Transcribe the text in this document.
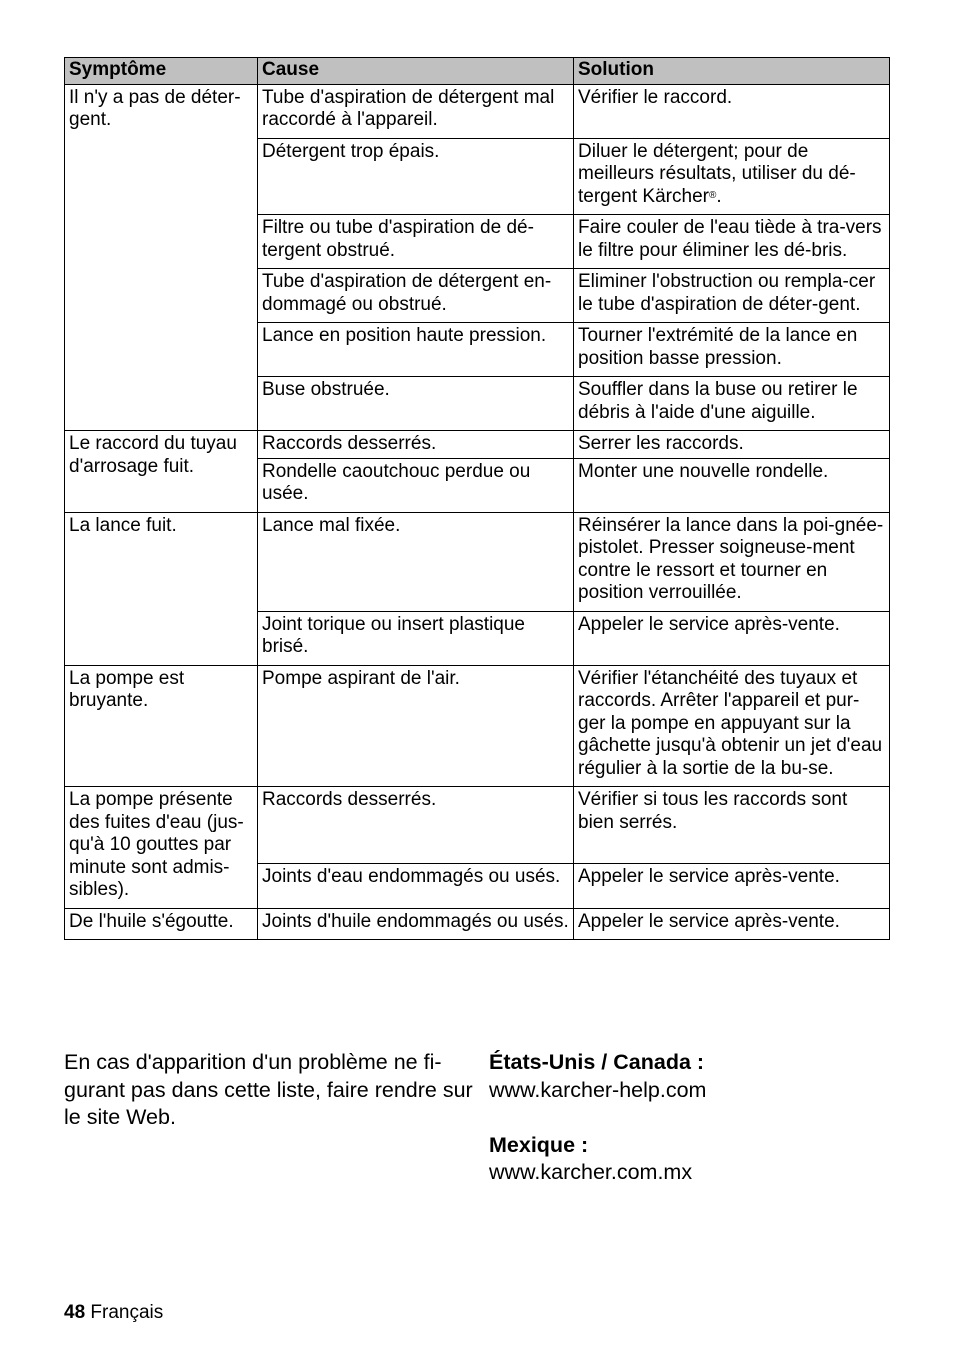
Symptôme	Cause	Solution
Il n'y a pas de déter-gent.	Tube d'aspiration de détergent mal raccordé à l'appareil.	Vérifier le raccord.
	Détergent trop épais.	Diluer le détergent; pour de meilleurs résultats, utiliser du dé-tergent Kärcher®.
	Filtre ou tube d'aspiration de dé-tergent obstrué.	Faire couler de l'eau tiède à tra-vers le filtre pour éliminer les dé-bris.
	Tube d'aspiration de détergent en-dommagé ou obstrué.	Eliminer l'obstruction ou rempla-cer le tube d'aspiration de déter-gent.
	Lance en position haute pression.	Tourner l'extrémité de la lance en position basse pression.
	Buse obstruée.	Souffler dans la buse ou retirer le débris à l'aide d'une aiguille.
Le raccord du tuyau d'arrosage fuit.	Raccords desserrés.	Serrer les raccords.
	Rondelle caoutchouc perdue ou usée.	Monter une nouvelle rondelle.
La lance fuit.	Lance mal fixée.	Réinsérer la lance dans la poi-gnée-pistolet. Presser soigneuse-ment contre le ressort et tourner en position verrouillée.
	Joint torique ou insert plastique brisé.	Appeler le service après-vente.
La pompe est bruyante.	Pompe aspirant de l'air.	Vérifier l'étanchéité des tuyaux et raccords. Arrêter l'appareil et pur-ger la pompe en appuyant sur la gâchette jusqu'à obtenir un jet d'eau régulier à la sortie de la bu-se.
La pompe présente des fuites d'eau (jus-qu'à 10 gouttes par minute sont admis-sibles).	Raccords desserrés.	Vérifier si tous les raccords sont bien serrés.
	Joints d'eau endommagés ou usés.	Appeler le service après-vente.
De l'huile s'égoutte.	Joints d'huile endommagés ou usés.	Appeler le service après-vente.

En cas d'apparition d'un problème ne fi-gurant pas dans cette liste, faire rendre sur le site Web.

États-Unis / Canada :
www.karcher-help.com

Mexique :
www.karcher.com.mx

48 Français
